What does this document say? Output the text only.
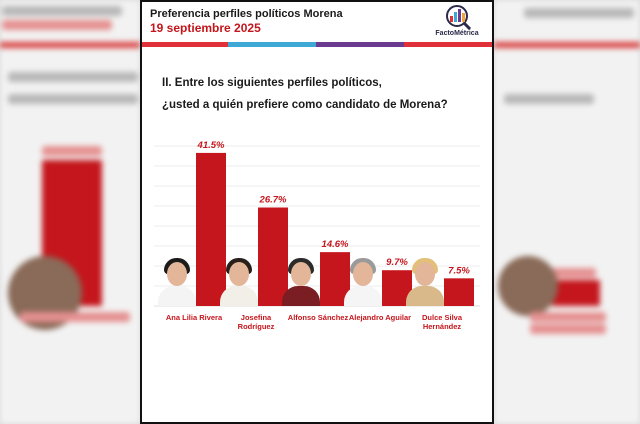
Preferencia perfiles políticos Morena
19 septiembre 2025	FactoMétrica
II. Entre los siguientes perfiles políticos,
¿usted a quién prefiere como candidato de Morena?
41.5%
26.7%
14.6%
9.7%
7.5%
Ana Lilia Rivera	Josefina
Rodríguez
Alfonso Sánchez Alejandro Aguilar	Dulce Silva
Hernández
